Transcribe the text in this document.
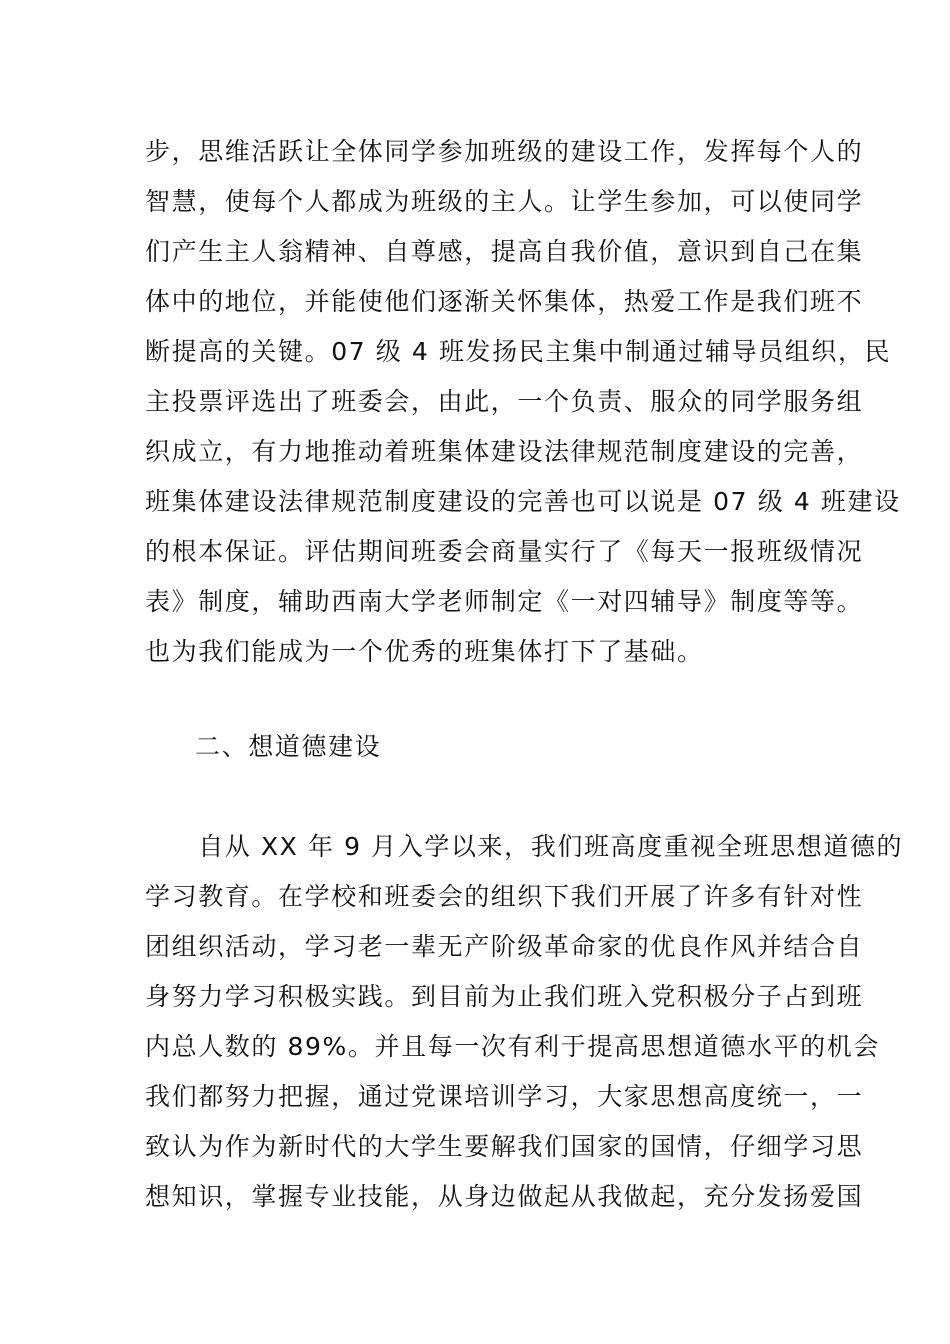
步，思维活跃让全体同学参加班级的建设工作，发挥每个人的
智慧，使每个人都成为班级的主人。让学生参加，可以使同学
们产生主人翁精神、自尊感，提高自我价值，意识到自己在集
体中的地位，并能使他们逐渐关怀集体，热爱工作是我们班不
断提高的关键。07 级 4 班发扬民主集中制通过辅导员组织，民
主投票评选出了班委会，由此，一个负责、服众的同学服务组
织成立，有力地推动着班集体建设法律规范制度建设的完善，
班集体建设法律规范制度建设的完善也可以说是 07 级 4 班建设
的根本保证。评估期间班委会商量实行了《每天一报班级情况
表》制度，辅助西南大学老师制定《一对四辅导》制度等等。
也为我们能成为一个优秀的班集体打下了基础。
二、想道德建设
　　自从 XX 年 9 月入学以来，我们班高度重视全班思想道德的
学习教育。在学校和班委会的组织下我们开展了许多有针对性
团组织活动，学习老一辈无产阶级革命家的优良作风并结合自
身努力学习积极实践。到目前为止我们班入党积极分子占到班
内总人数的 89%。并且每一次有利于提高思想道德水平的机会
我们都努力把握，通过党课培训学习，大家思想高度统一，一
致认为作为新时代的大学生要解我们国家的国情，仔细学习思
想知识，掌握专业技能，从身边做起从我做起，充分发扬爱国
